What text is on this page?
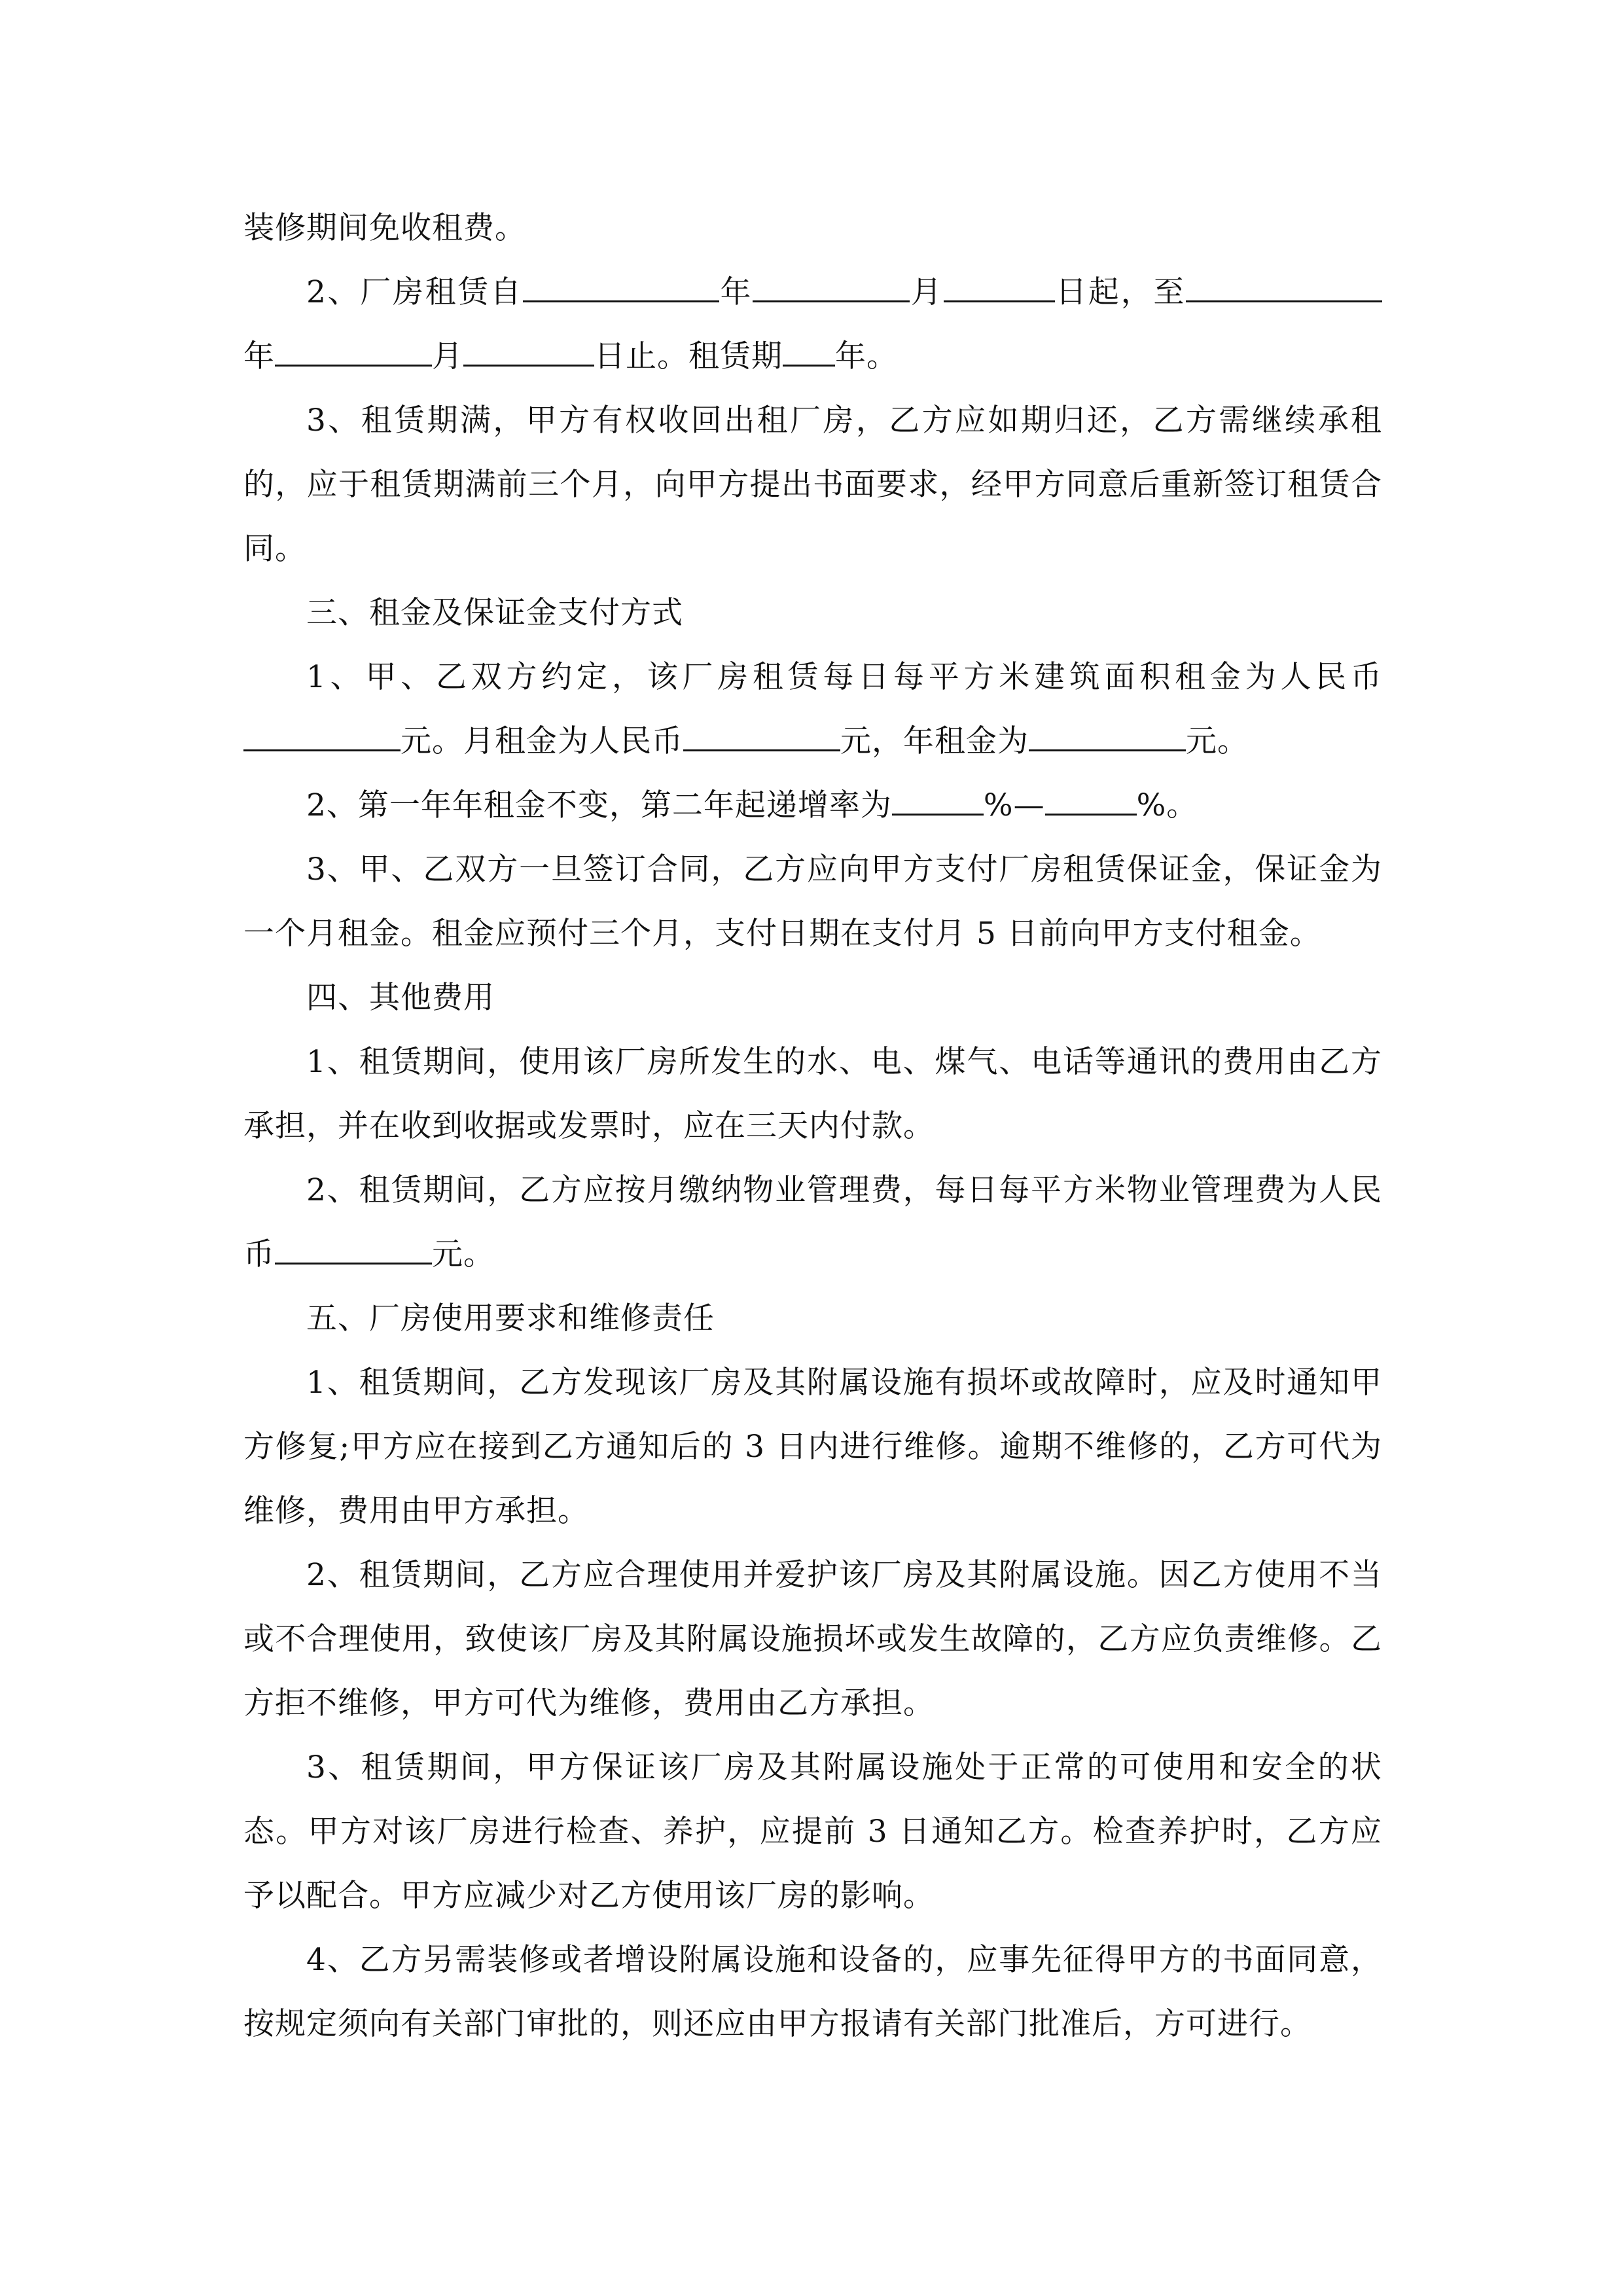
装修期间免收租费。

2、厂房租赁自	年	月	日起，至年	月	日止。租赁期 年。

3、租赁期满，甲方有权收回出租厂房，乙方应如期归还，乙方需继续承租的，应于租赁期满前三个月，向甲方提出书面要求，经甲方同意后重新签订租赁合同。

三、租金及保证金支付方式

1、甲、乙双方约定，该厂房租赁每日每平方米建筑面积租金为人民币元。月租金为人民币	元，年租金为	元。

2、第一年年租金不变，第二年起递增率为	%—	%。

3、甲、乙双方一旦签订合同，乙方应向甲方支付厂房租赁保证金，保证金为一个月租金。租金应预付三个月，支付日期在支付月 5 日前向甲方支付租金。

四、其他费用

1、租赁期间，使用该厂房所发生的水、电、煤气、电话等通讯的费用由乙方承担，并在收到收据或发票时，应在三天内付款。

2、租赁期间，乙方应按月缴纳物业管理费，每日每平方米物业管理费为人民币	元。

五、厂房使用要求和维修责任

1、租赁期间，乙方发现该厂房及其附属设施有损坏或故障时，应及时通知甲方修复;甲方应在接到乙方通知后的 3 日内进行维修。逾期不维修的，乙方可代为维修，费用由甲方承担。

2、租赁期间，乙方应合理使用并爱护该厂房及其附属设施。因乙方使用不当或不合理使用，致使该厂房及其附属设施损坏或发生故障的，乙方应负责维修。乙方拒不维修，甲方可代为维修，费用由乙方承担。

3、租赁期间，甲方保证该厂房及其附属设施处于正常的可使用和安全的状态。甲方对该厂房进行检查、养护，应提前 3 日通知乙方。检查养护时，乙方应予以配合。甲方应减少对乙方使用该厂房的影响。

4、乙方另需装修或者增设附属设施和设备的，应事先征得甲方的书面同意，按规定须向有关部门审批的，则还应由甲方报请有关部门批准后，方可进行。
